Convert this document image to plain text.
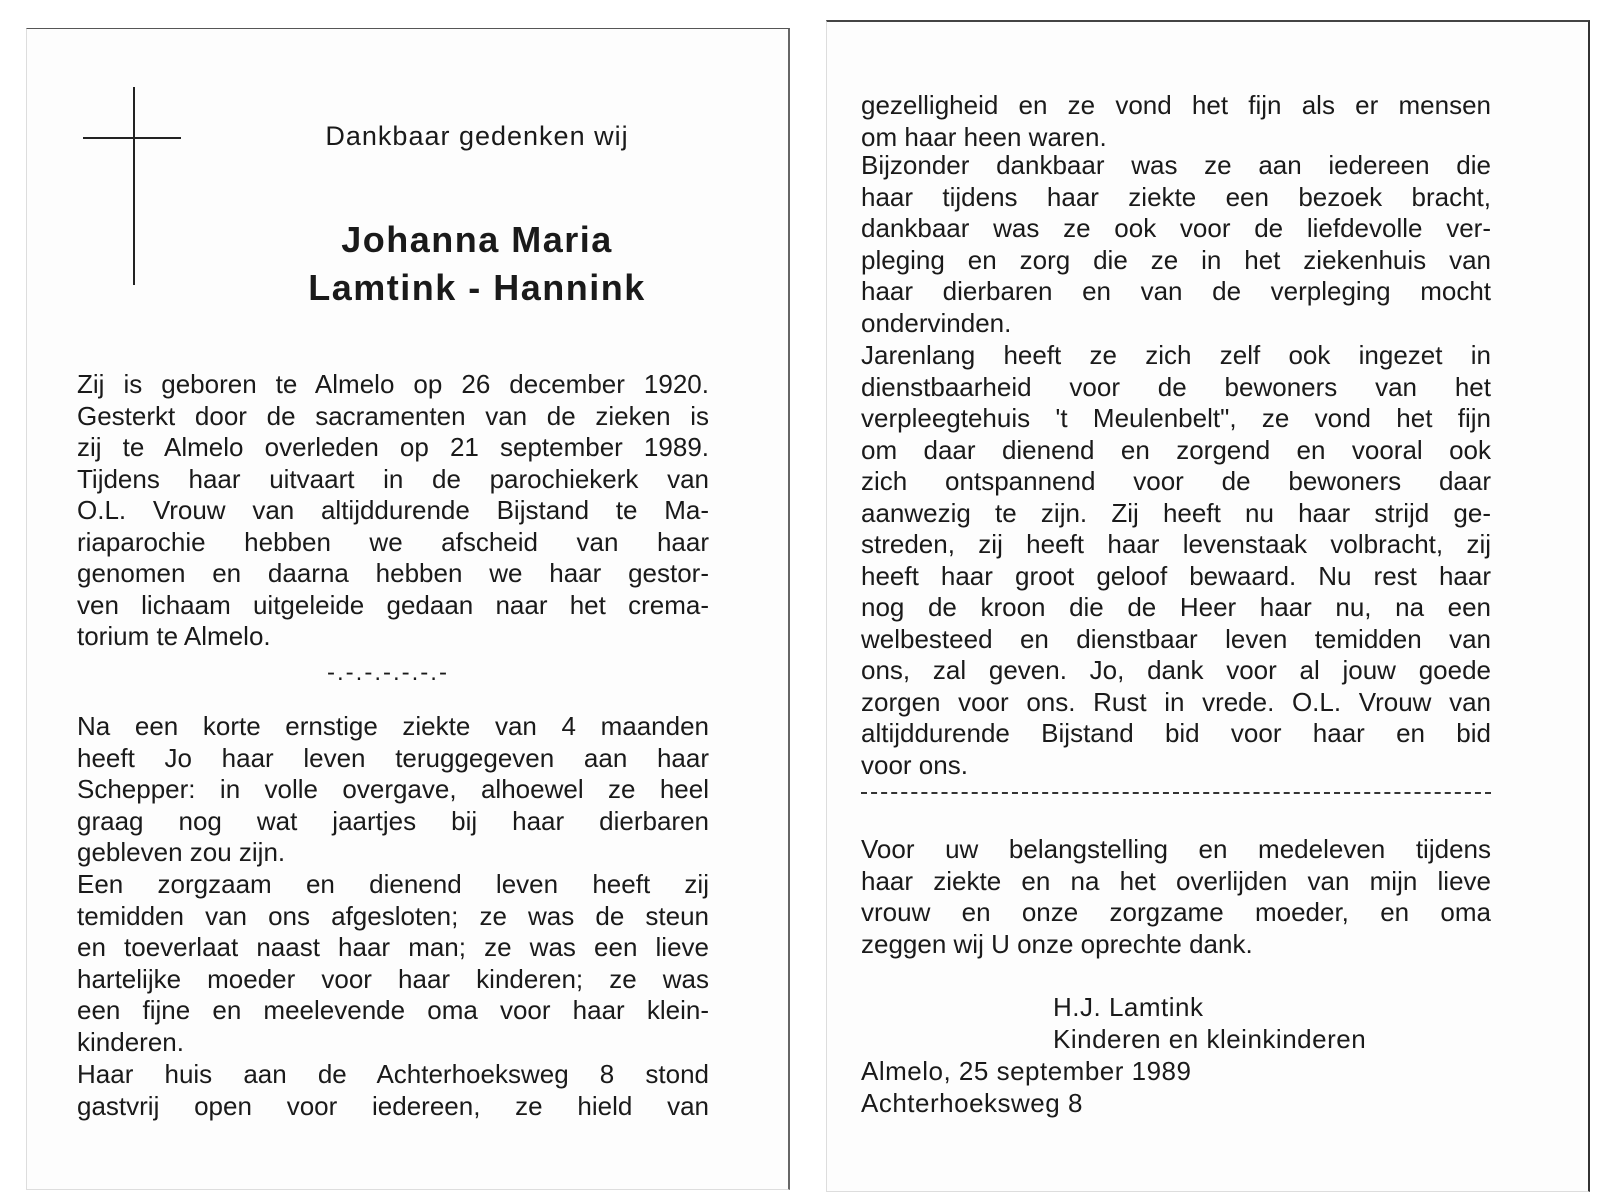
Dankbaar gedenken wij
Johanna Maria
Lamtink - Hannink
Zij is geboren te Almelo op 26 december 1920.
Gesterkt door de sacramenten van de zieken is
zij te Almelo overleden op 21 september 1989.
Tijdens haar uitvaart in de parochiekerk van
O.L. Vrouw van altijddurende Bijstand te Ma-
riaparochie hebben we afscheid van haar
genomen en daarna hebben we haar gestor-
ven lichaam uitgeleide gedaan naar het crema-
torium te Almelo.
-.-.-.-.-.-.-
Na een korte ernstige ziekte van 4 maanden
heeft Jo haar leven teruggegeven aan haar
Schepper: in volle overgave, alhoewel ze heel
graag nog wat jaartjes bij haar dierbaren
gebleven zou zijn.
Een zorgzaam en dienend leven heeft zij
temidden van ons afgesloten; ze was de steun
en toeverlaat naast haar man; ze was een lieve
hartelijke moeder voor haar kinderen; ze was
een fijne en meelevende oma voor haar klein-
kinderen.
Haar huis aan de Achterhoeksweg 8 stond
gastvrij open voor iedereen, ze hield van
gezelligheid en ze vond het fijn als er mensen
om haar heen waren.
Bijzonder dankbaar was ze aan iedereen die
haar tijdens haar ziekte een bezoek bracht,
dankbaar was ze ook voor de liefdevolle ver-
pleging en zorg die ze in het ziekenhuis van
haar dierbaren en van de verpleging mocht
ondervinden.
Jarenlang heeft ze zich zelf ook ingezet in
dienstbaarheid voor de bewoners van het
verpleegtehuis 't Meulenbelt", ze vond het fijn
om daar dienend en zorgend en vooral ook
zich ontspannend voor de bewoners daar
aanwezig te zijn. Zij heeft nu haar strijd ge-
streden, zij heeft haar levenstaak volbracht, zij
heeft haar groot geloof bewaard. Nu rest haar
nog de kroon die de Heer haar nu, na een
welbesteed en dienstbaar leven temidden van
ons, zal geven. Jo, dank voor al jouw goede
zorgen voor ons. Rust in vrede. O.L. Vrouw van
altijddurende Bijstand bid voor haar en bid
voor ons.
Voor uw belangstelling en medeleven tijdens
haar ziekte en na het overlijden van mijn lieve
vrouw en onze zorgzame moeder, en oma
zeggen wij U onze oprechte dank.
H.J. Lamtink
Kinderen en kleinkinderen
Almelo, 25 september 1989
Achterhoeksweg 8
